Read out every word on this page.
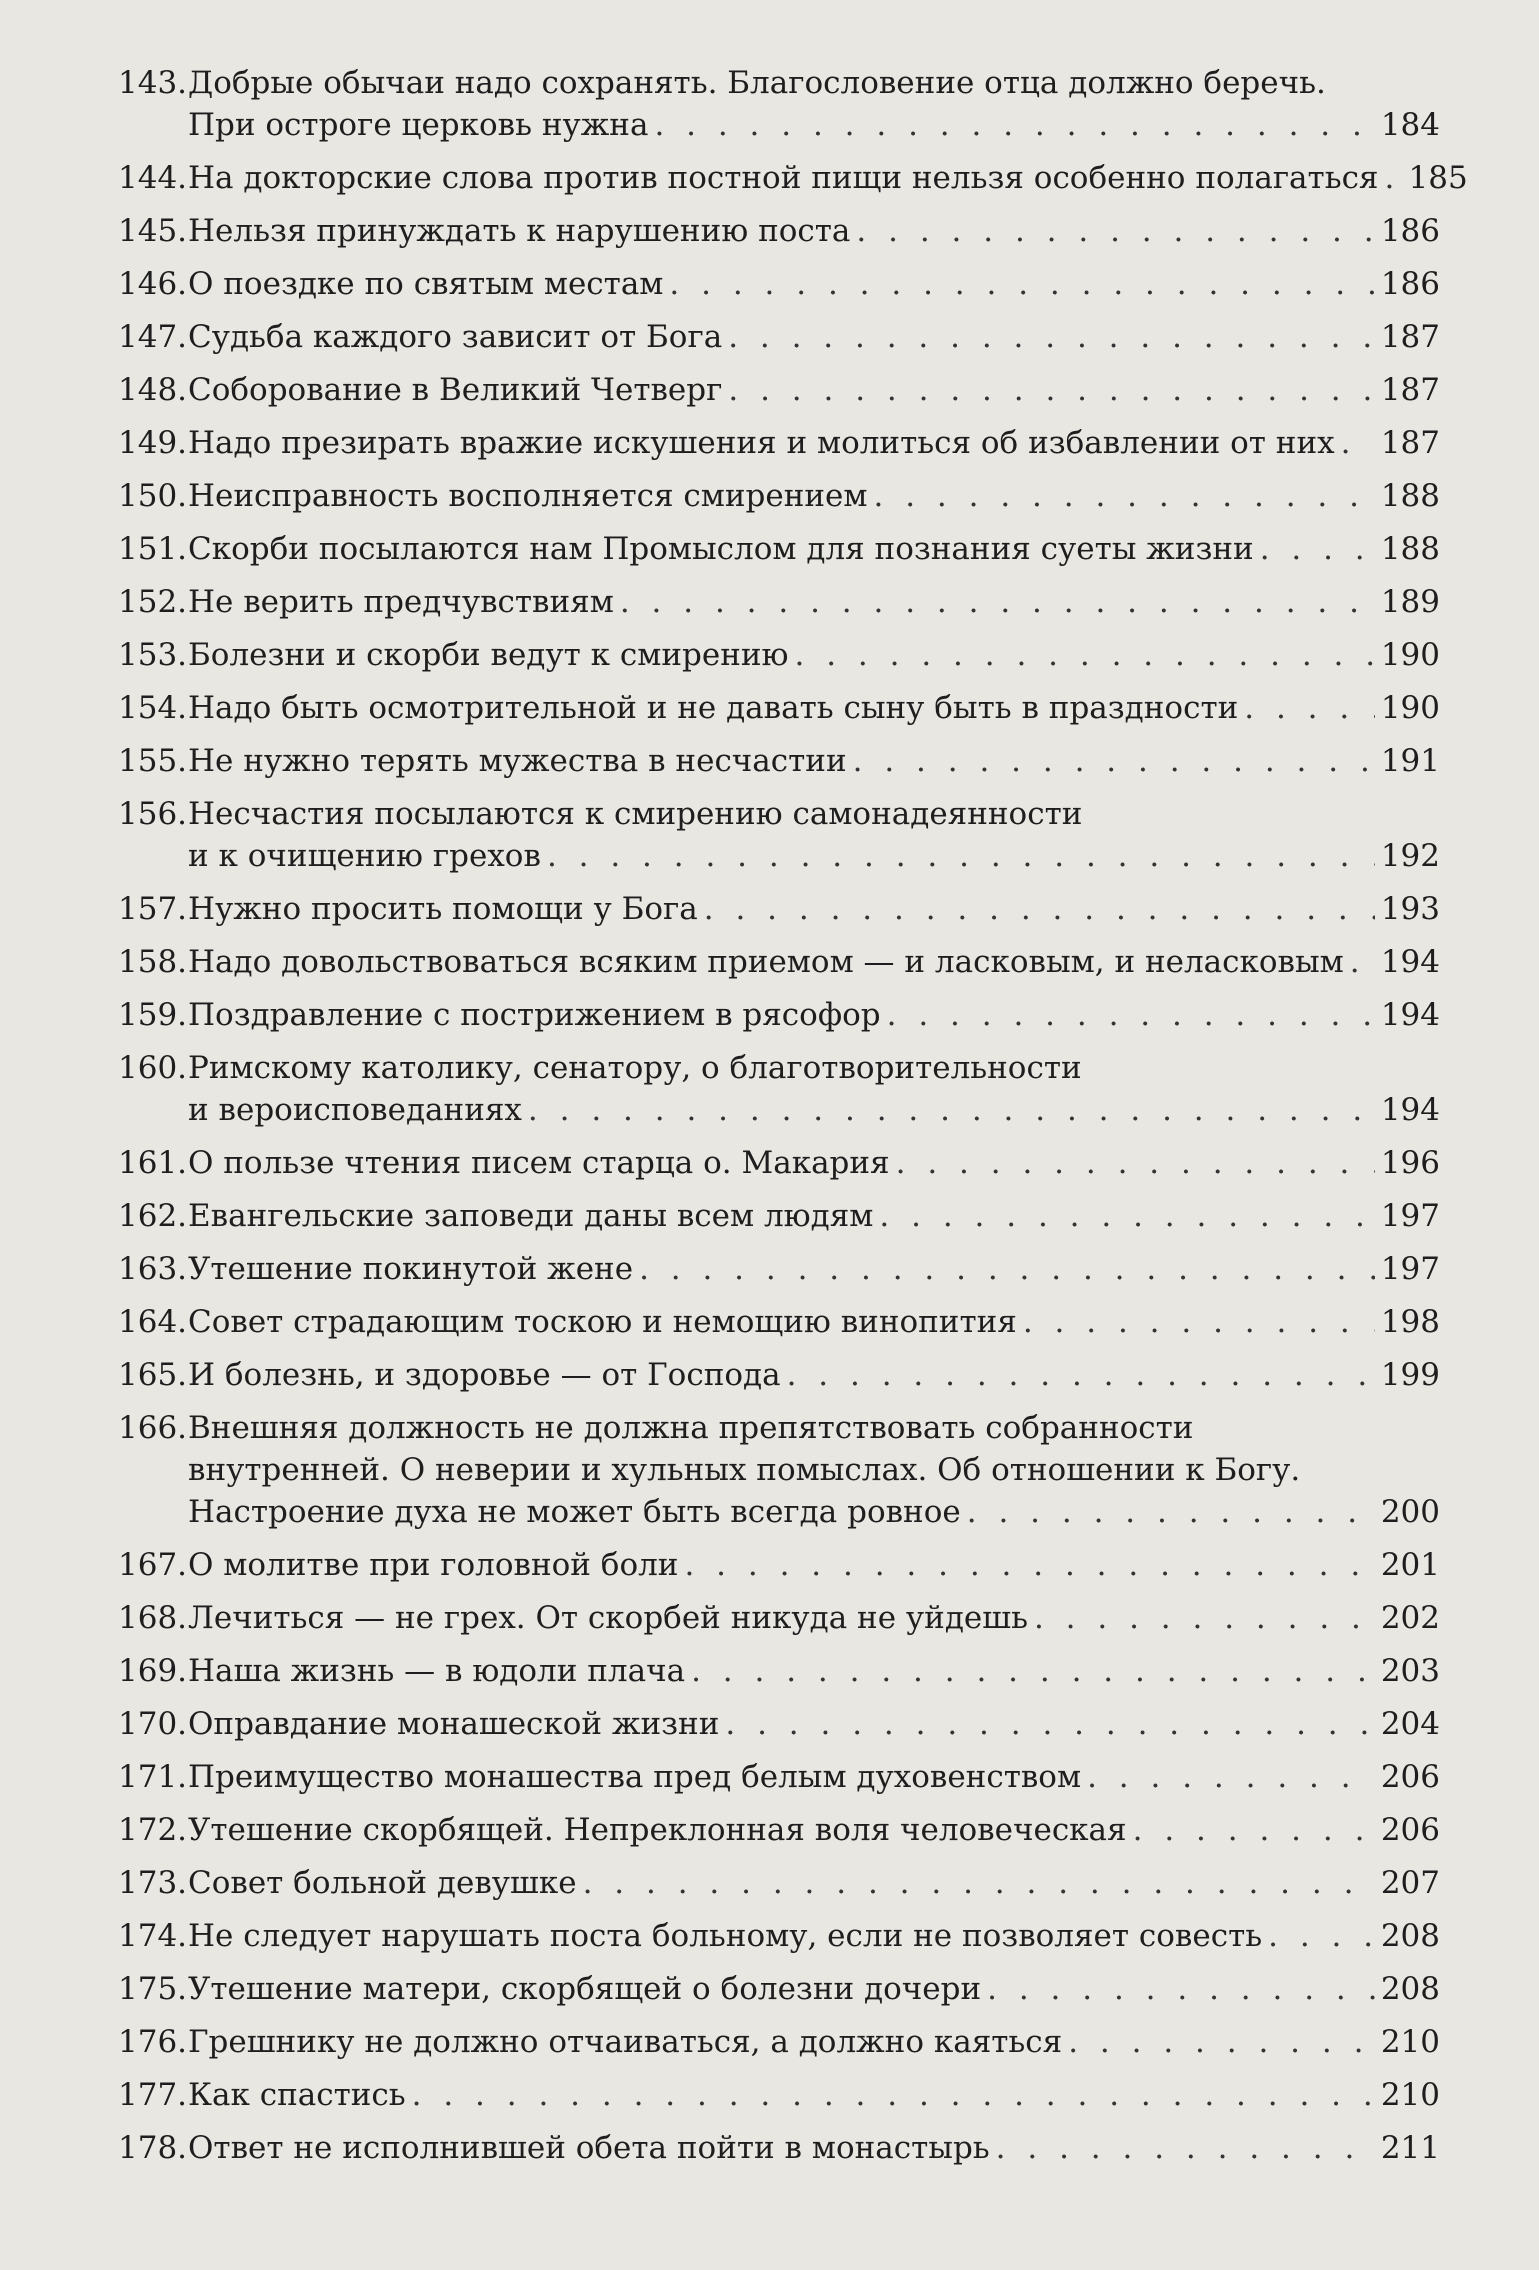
143. Добрые обычаи надо сохранять. Благословение отца должно беречь.
При остроге церковь нужна . . .	184
144. На докторские слова против постной пищи нельзя особенно полагаться . . . 185
145. Нельзя принуждать к нарушению поста . . .	186
146. О поездке по святым местам . . .	186
147. Судьба каждого зависит от Бога . . .	187
148. Соборование в Великий Четверг . . .	187
149. Надо презирать вражие искушения и молиться об избавлении от них . . . 187
150. Неисправность восполняется смирением . . .	188
151. Скорби посылаются нам Промыслом для познания суеты жизни . . .	188
152. Не верить предчувствиям . . .	189
153. Болезни и скорби ведут к смирению . . .	190
154. Надо быть осмотрительной и не давать сыну быть в праздности . . .	190
155. Не нужно терять мужества в несчастии . . .	191
156. Несчастия посылаются к смирению самонадеянности
и к очищению грехов . . .	192
157. Нужно просить помощи у Бога . . .	193
158. Надо довольствоваться всяким приемом — и ласковым, и неласковым . . . 194
159. Поздравление с пострижением в рясофор . . .	194
160. Римскому католику, сенатору, о благотворительности
и вероисповеданиях . . .	194
161. О пользе чтения писем старца о. Макария . . .	196
162. Евангельские заповеди даны всем людям . . .	197
163. Утешение покинутой жене . . .	197
164. Совет страдающим тоскою и немощию винопития . . .	198
165. И болезнь, и здоровье — от Господа . . .	199
166. Внешняя должность не должна препятствовать собранности
внутренней. О неверии и хульных помыслах. Об отношении к Богу.
Настроение духа не может быть всегда ровное . . .	200
167. О молитве при головной боли . . .	201
168. Лечиться — не грех. От скорбей никуда не уйдешь . . .	202
169. Наша жизнь — в юдоли плача . . .	203
170. Оправдание монашеской жизни . . .	204
171. Преимущество монашества пред белым духовенством . . .	206
172. Утешение скорбящей. Непреклонная воля человеческая . . .	206
173. Совет больной девушке . . .	207
174. Не следует нарушать поста больному, если не позволяет совесть . . .	208
175. Утешение матери, скорбящей о болезни дочери . . .	208
176. Грешнику не должно отчаиваться, а должно каяться . . .	210
177. Как спастись . . .	210
178. Ответ не исполнившей обета пойти в монастырь . . .	211
